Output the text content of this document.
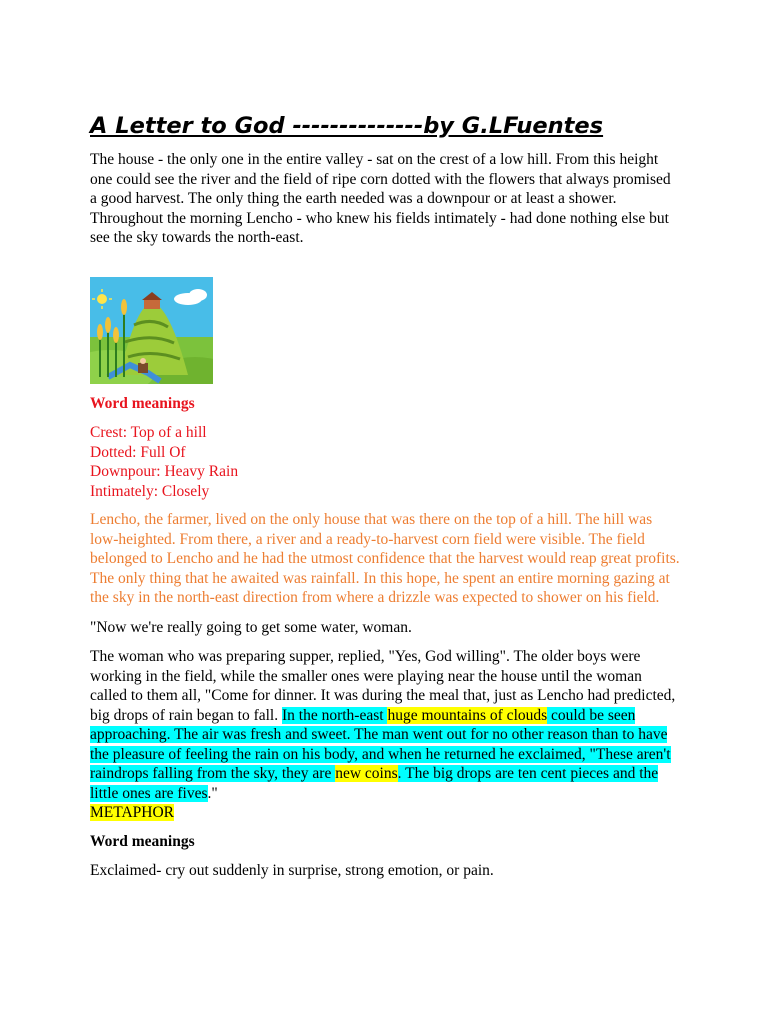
A Letter to God --------------by G.LFuentes

The house - the only one in the entire valley - sat on the crest of a low hill. From this height one could see the river and the field of ripe corn dotted with the flowers that always promised a good harvest. The only thing the earth needed was a downpour or at least a shower. Throughout the morning Lencho - who knew his fields intimately - had done nothing else but see the sky towards the north-east.

Word meanings

Crest: Top of a hill
Dotted: Full Of
Downpour: Heavy Rain
Intimately: Closely

Lencho, the farmer, lived on the only house that was there on the top of a hill. The hill was low-heighted. From there, a river and a ready-to-harvest corn field were visible. The field belonged to Lencho and he had the utmost confidence that the harvest would reap great profits. The only thing that he awaited was rainfall. In this hope, he spent an entire morning gazing at the sky in the north-east direction from where a drizzle was expected to shower on his field.

"Now we're really going to get some water, woman.

The woman who was preparing supper, replied, "Yes, God willing". The older boys were working in the field, while the smaller ones were playing near the house until the woman called to them all, "Come for dinner. It was during the meal that, just as Lencho had predicted, big drops of rain began to fall. In the north-east huge mountains of clouds could be seen approaching. The air was fresh and sweet. The man went out for no other reason than to have the pleasure of feeling the rain on his body, and when he returned he exclaimed, "These aren't raindrops falling from the sky, they are new coins. The big drops are ten cent pieces and the little ones are fives."

METAPHOR

Word meanings

Exclaimed- cry out suddenly in surprise, strong emotion, or pain.
